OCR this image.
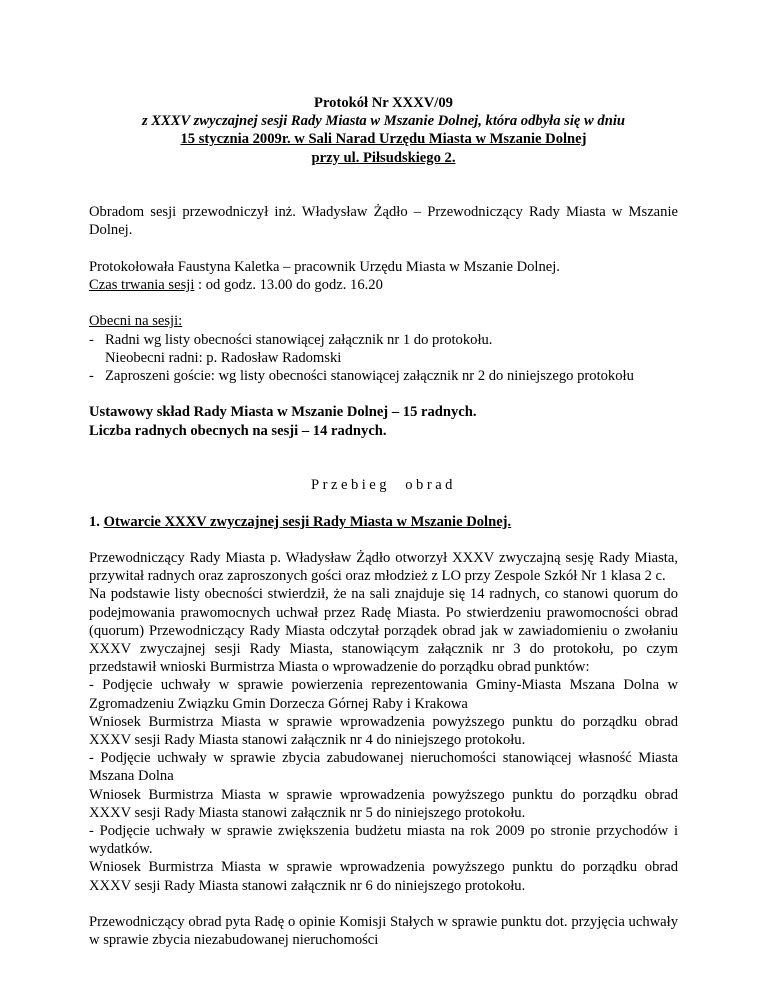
Protokół Nr XXXV/09
z XXXV zwyczajnej sesji Rady Miasta w Mszanie Dolnej, która odbyła się w dniu
15 stycznia 2009r. w Sali Narad Urzędu Miasta w Mszanie Dolnej
przy ul. Piłsudskiego 2.

Obradom sesji przewodniczył inż. Władysław Żądło – Przewodniczący Rady Miasta w Mszanie Dolnej.

Protokołowała Faustyna Kaletka – pracownik Urzędu Miasta w Mszanie Dolnej.

Czas trwania sesji : od godz. 13.00 do godz. 16.20

Obecni na sesji:

- Radni wg listy obecności stanowiącej załącznik nr 1 do protokołu.

Nieobecni radni: p. Radosław Radomski

- Zaproszeni goście: wg listy obecności stanowiącej załącznik nr 2 do niniejszego protokołu

Ustawowy skład Rady Miasta w Mszanie Dolnej – 15 radnych.

Liczba radnych obecnych na sesji – 14 radnych.

Przebieg obrad

1. Otwarcie XXXV zwyczajnej sesji Rady Miasta w Mszanie Dolnej.

Przewodniczący Rady Miasta p. Władysław Żądło otworzył XXXV zwyczajną sesję Rady Miasta, przywitał radnych oraz zaproszonych gości oraz młodzież z LO przy Zespole Szkół Nr 1 klasa 2 c.

Na podstawie listy obecności stwierdził, że na sali znajduje się 14 radnych, co stanowi quorum do podejmowania prawomocnych uchwał przez Radę Miasta. Po stwierdzeniu prawomocności obrad (quorum) Przewodniczący Rady Miasta odczytał porządek obrad jak w zawiadomieniu o zwołaniu XXXV zwyczajnej sesji Rady Miasta, stanowiącym załącznik nr 3 do protokołu, po czym przedstawił wnioski Burmistrza Miasta o wprowadzenie do porządku obrad punktów:

- Podjęcie uchwały w sprawie powierzenia reprezentowania Gminy-Miasta Mszana Dolna w Zgromadzeniu Związku Gmin Dorzecza Górnej Raby i Krakowa

Wniosek Burmistrza Miasta w sprawie wprowadzenia powyższego punktu do porządku obrad XXXV sesji Rady Miasta stanowi załącznik nr 4 do niniejszego protokołu.

- Podjęcie uchwały w sprawie zbycia zabudowanej nieruchomości stanowiącej własność Miasta Mszana Dolna

Wniosek Burmistrza Miasta w sprawie wprowadzenia powyższego punktu do porządku obrad XXXV sesji Rady Miasta stanowi załącznik nr 5 do niniejszego protokołu.

- Podjęcie uchwały w sprawie zwiększenia budżetu miasta na rok 2009 po stronie przychodów i wydatków.

Wniosek Burmistrza Miasta w sprawie wprowadzenia powyższego punktu do porządku obrad XXXV sesji Rady Miasta stanowi załącznik nr 6 do niniejszego protokołu.

Przewodniczący obrad pyta Radę o opinie Komisji Stałych w sprawie punktu dot. przyjęcia uchwały w sprawie zbycia niezabudowanej nieruchomości
